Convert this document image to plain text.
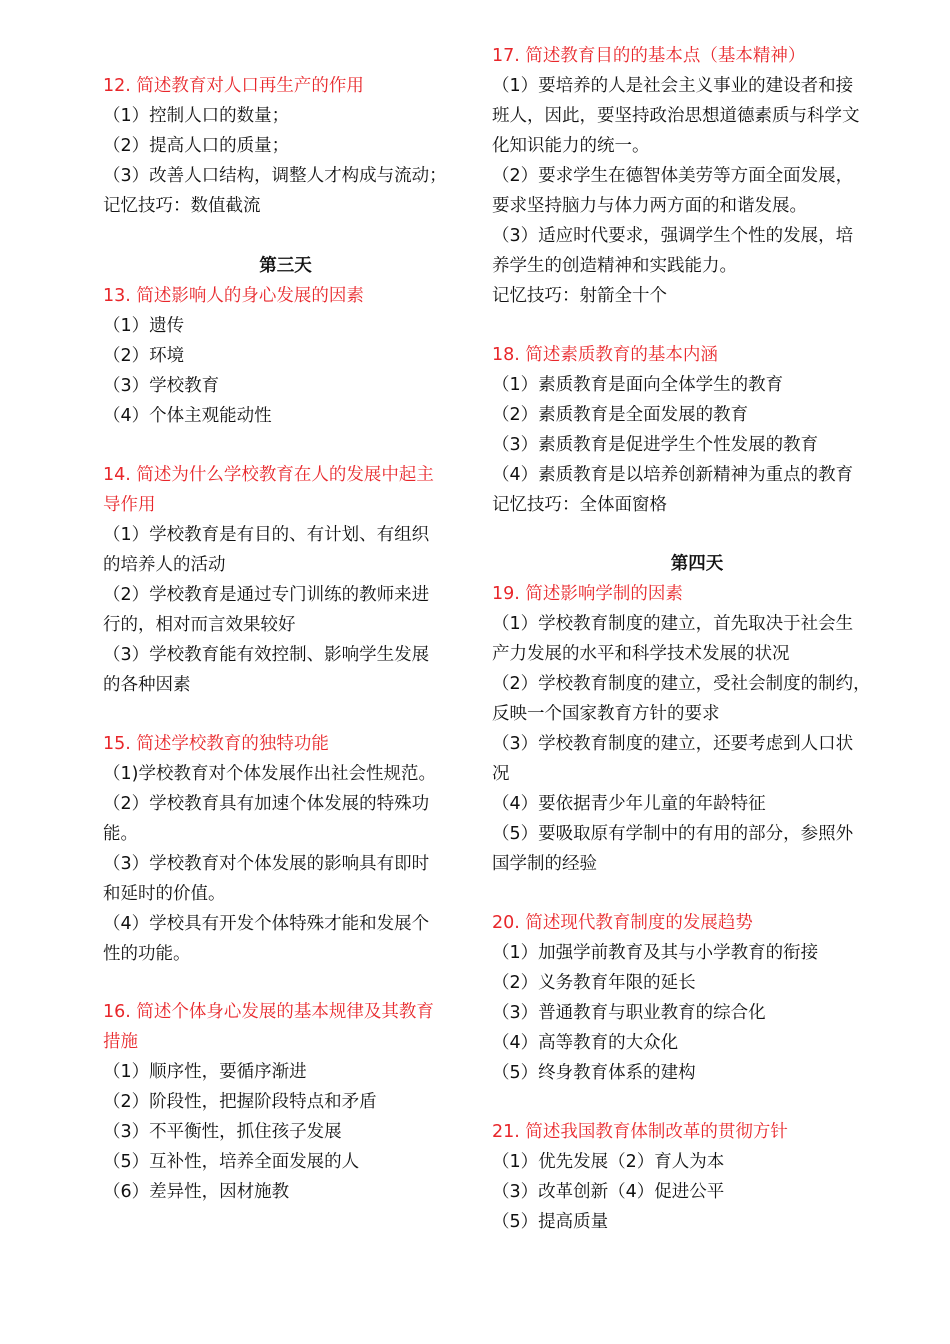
12. 简述教育对人口再生产的作用
（1）控制人口的数量；
（2）提高人口的质量；
（3）改善人口结构，调整人才构成与流动；
记忆技巧：数值截流
第三天
13. 简述影响人的身心发展的因素
（1）遗传
（2）环境
（3）学校教育
（4）个体主观能动性
14. 简述为什么学校教育在人的发展中起主
导作用
（1）学校教育是有目的、有计划、有组织
的培养人的活动
（2）学校教育是通过专门训练的教师来进
行的，相对而言效果较好
（3）学校教育能有效控制、影响学生发展
的各种因素
15. 简述学校教育的独特功能
（1)学校教育对个体发展作出社会性规范。
（2）学校教育具有加速个体发展的特殊功
能。
（3）学校教育对个体发展的影响具有即时
和延时的价值。
（4）学校具有开发个体特殊才能和发展个
性的功能。
16. 简述个体身心发展的基本规律及其教育
措施
（1）顺序性，要循序渐进
（2）阶段性，把握阶段特点和矛盾
（3）不平衡性，抓住孩子发展
（5）互补性，培养全面发展的人
（6）差异性，因材施教
17. 简述教育目的的基本点（基本精神）
（1）要培养的人是社会主义事业的建设者和接
班人，因此，要坚持政治思想道德素质与科学文
化知识能力的统一。
（2）要求学生在德智体美劳等方面全面发展，
要求坚持脑力与体力两方面的和谐发展。
（3）适应时代要求，强调学生个性的发展，培
养学生的创造精神和实践能力。
记忆技巧：射箭全十个
18. 简述素质教育的基本内涵
（1）素质教育是面向全体学生的教育
（2）素质教育是全面发展的教育
（3）素质教育是促进学生个性发展的教育
（4）素质教育是以培养创新精神为重点的教育
记忆技巧：全体面窗格
第四天
19. 简述影响学制的因素
（1）学校教育制度的建立，首先取决于社会生
产力发展的水平和科学技术发展的状况
（2）学校教育制度的建立，受社会制度的制约，
反映一个国家教育方针的要求
（3）学校教育制度的建立，还要考虑到人口状
况
（4）要依据青少年儿童的年龄特征
（5）要吸取原有学制中的有用的部分，参照外
国学制的经验
20. 简述现代教育制度的发展趋势
（1）加强学前教育及其与小学教育的衔接
（2）义务教育年限的延长
（3）普通教育与职业教育的综合化
（4）高等教育的大众化
（5）终身教育体系的建构
21. 简述我国教育体制改革的贯彻方针
（1）优先发展（2）育人为本
（3）改革创新（4）促进公平
（5）提高质量
